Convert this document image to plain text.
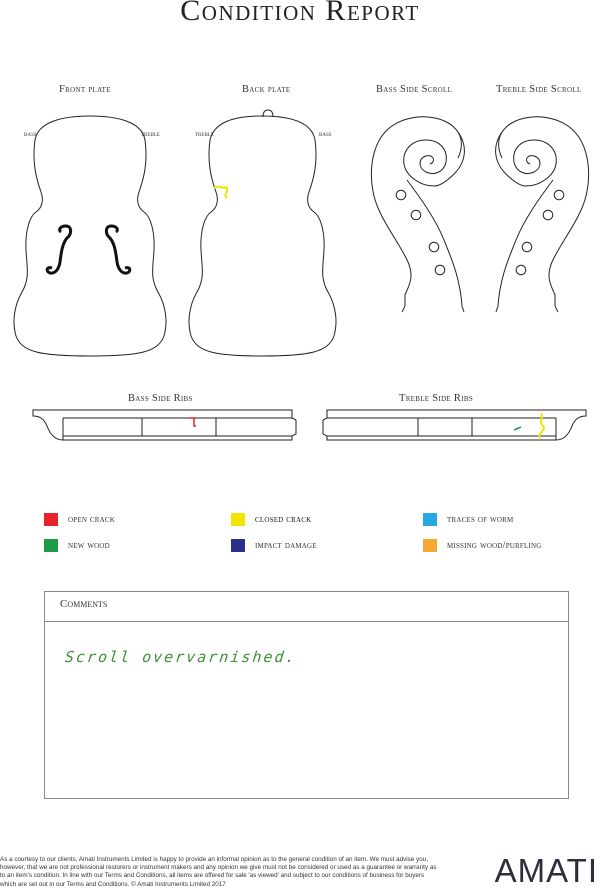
Condition Report
Front plate	Back plate	Bass Side Scroll	Treble Side Scroll
bass	treble	treble	bass
Bass Side Ribs	Treble Side Ribs
open crack	closed crack	traces of worm
new wood	impact damage	missing wood/purfling
Comments
Scroll overvarnished.
As a courtesy to our clients, Amati Instruments Limited is happy to provide an informal opinion as to the general condition of an item. We must advise you, however, that we are not professional restorers or instrument makers and any opinion we give must not be considered or used as a guarantee or warranty as to an item's condition. In line with our Terms and Conditions, all items are offered for sale 'as viewed' and subject to our conditions of business for buyers which are set out in our Terms and Conditions. © Amati Instruments Limited 2017	AMATI
